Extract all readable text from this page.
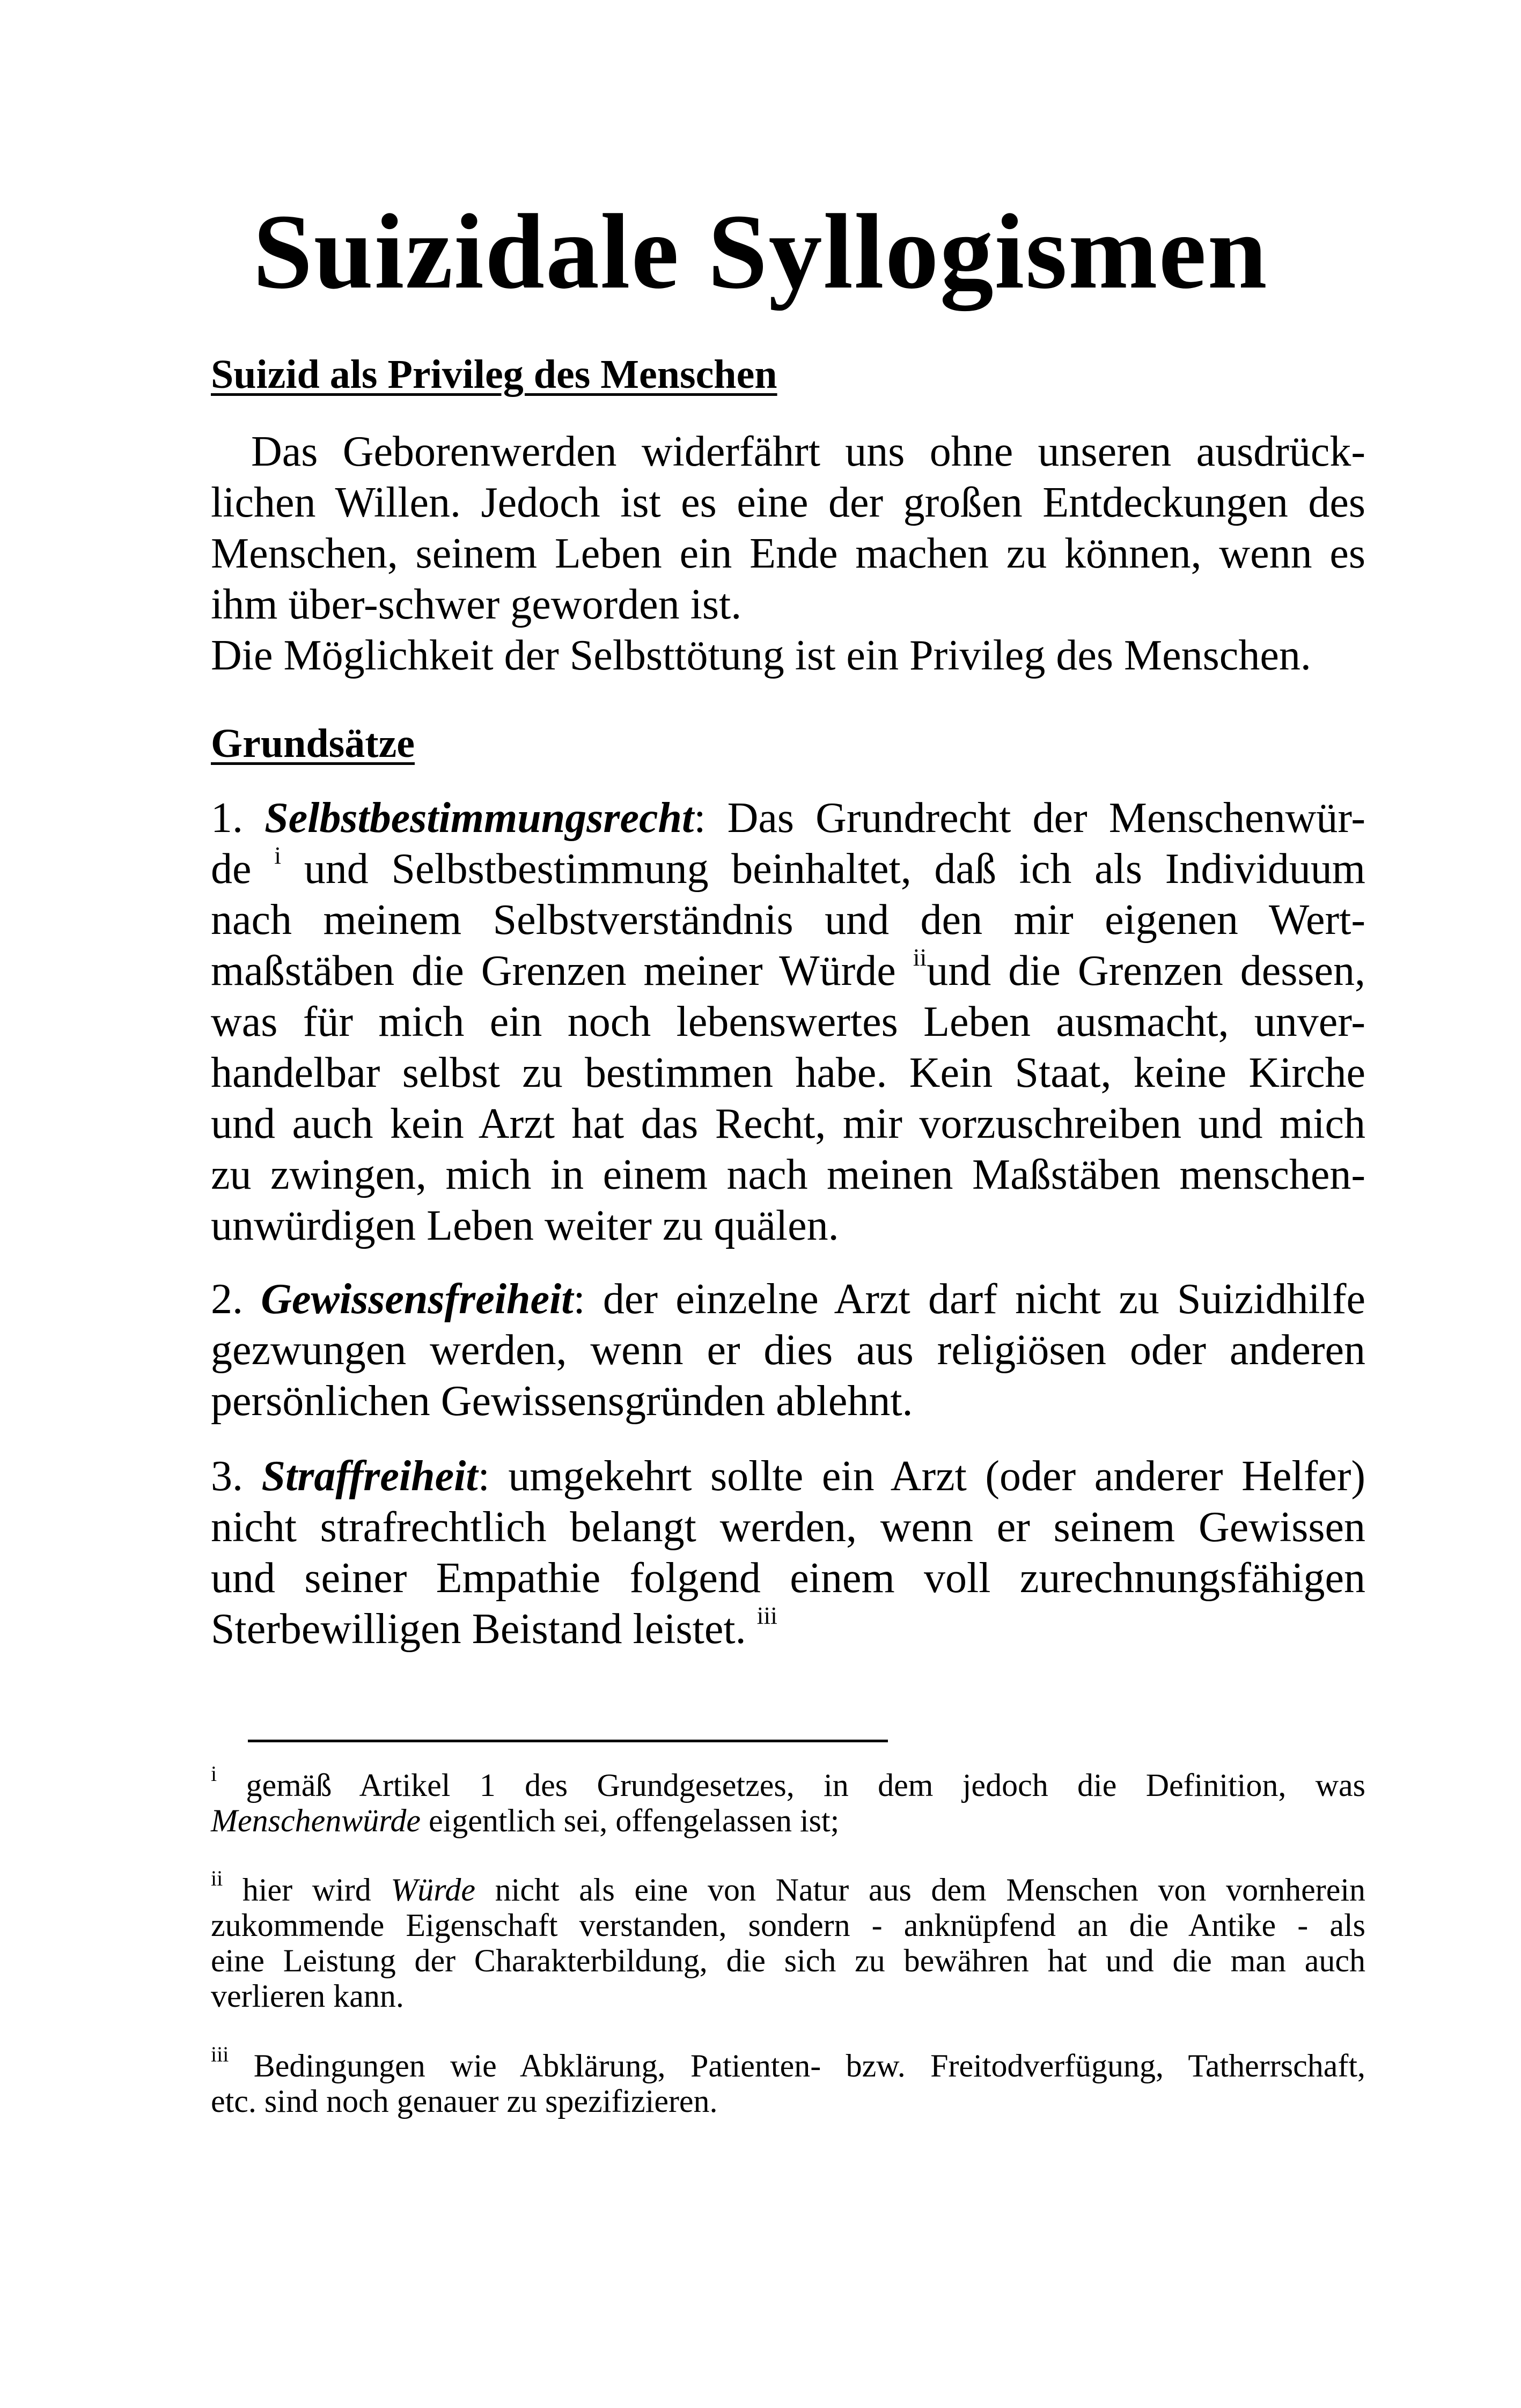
Suizidale Syllogismen
Suizid als Privileg des Menschen
Das Geborenwerden widerfährt uns ohne unseren ausdrück-
lichen Willen. Jedoch ist es eine der großen Entdeckungen des
Menschen, seinem Leben ein Ende machen zu können, wenn es
ihm über-schwer geworden ist.
Die Möglichkeit der Selbsttötung ist ein Privileg des Menschen.
Grundsätze
1. Selbstbestimmungsrecht: Das Grundrecht der Menschenwür-
de $^i$ und Selbstbestimmung beinhaltet, daß ich als Individuum
nach meinem Selbstverständnis und den mir eigenen Wert-
maßstäben die Grenzen meiner Würde $^{ii}$und die Grenzen dessen,
was für mich ein noch lebenswertes Leben ausmacht, unver-
handelbar selbst zu bestimmen habe. Kein Staat, keine Kirche
und auch kein Arzt hat das Recht, mir vorzuschreiben und mich
zu zwingen, mich in einem nach meinen Maßstäben menschen-
unwürdigen Leben weiter zu quälen.
2. Gewissensfreiheit: der einzelne Arzt darf nicht zu Suizidhilfe
gezwungen werden, wenn er dies aus religiösen oder anderen
persönlichen Gewissensgründen ablehnt.
3. Straffreiheit: umgekehrt sollte ein Arzt (oder anderer Helfer)
nicht strafrechtlich belangt werden, wenn er seinem Gewissen
und seiner Empathie folgend einem voll zurechnungsfähigen
Sterbewilligen Beistand leistet. $^{iii}$
$^i$ gemäß Artikel 1 des Grundgesetzes, in dem jedoch die Definition, was
Menschenwürde eigentlich sei, offengelassen ist;
$^{ii}$ hier wird Würde nicht als eine von Natur aus dem Menschen von vornherein
zukommende Eigenschaft verstanden, sondern - anknüpfend an die Antike - als
eine Leistung der Charakterbildung, die sich zu bewähren hat und die man auch
verlieren kann.
$^{iii}$ Bedingungen wie Abklärung, Patienten- bzw. Freitodverfügung, Tatherrschaft,
etc. sind noch genauer zu spezifizieren.
